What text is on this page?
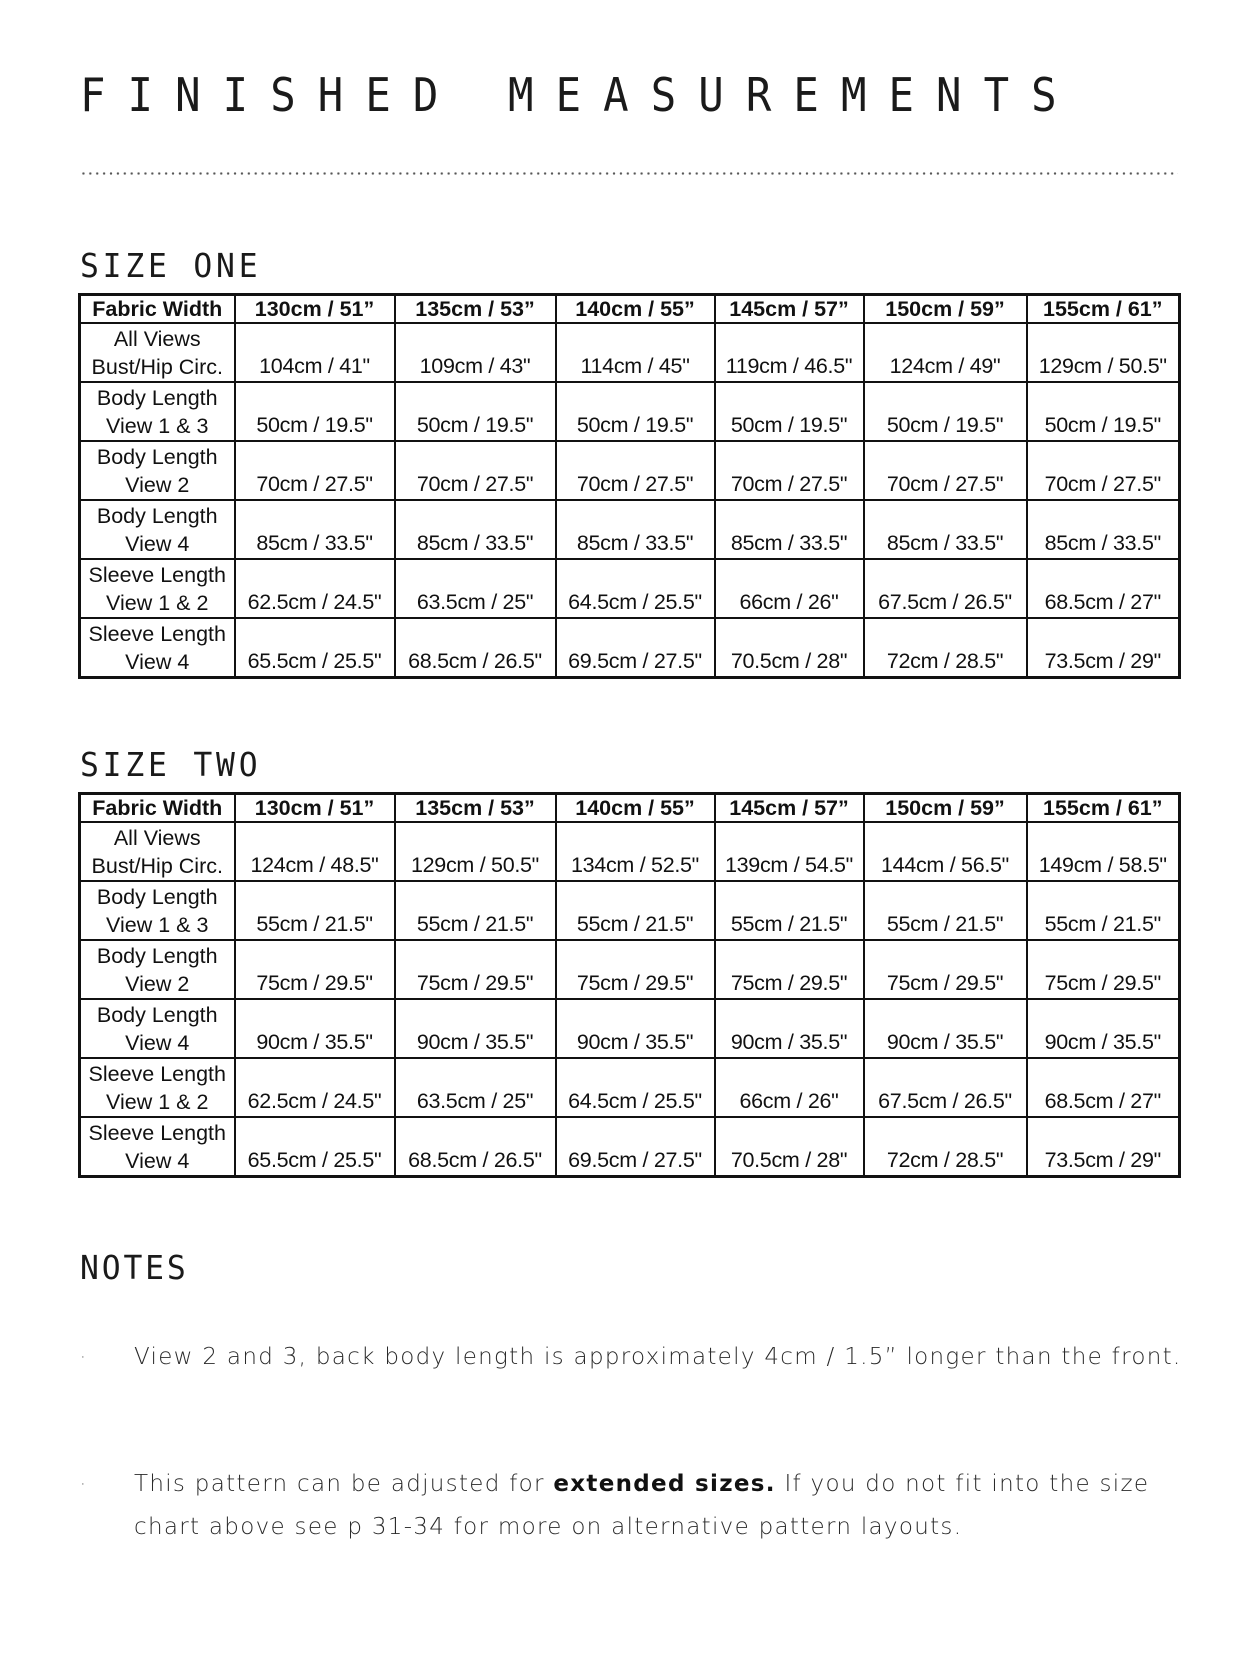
FINISHED MEASUREMENTS
SIZE ONE
Fabric Width	130cm / 51”	135cm / 53”	140cm / 55”	145cm / 57”	150cm / 59”	155cm / 61”

All Views
Bust/Hip Circ.	104cm / 41"	109cm / 43"	114cm / 45"	119cm / 46.5"	124cm / 49"	129cm / 50.5"

Body Length
View 1 & 3	50cm / 19.5"	50cm / 19.5"	50cm / 19.5"	50cm / 19.5"	50cm / 19.5"	50cm / 19.5"

Body Length
View 2	70cm / 27.5"	70cm / 27.5"	70cm / 27.5"	70cm / 27.5"	70cm / 27.5"	70cm / 27.5"

Body Length
View 4	85cm / 33.5"	85cm / 33.5"	85cm / 33.5"	85cm / 33.5"	85cm / 33.5"	85cm / 33.5"

Sleeve Length
View 1 & 2	62.5cm / 24.5"	63.5cm / 25"	64.5cm / 25.5"	66cm / 26"	67.5cm / 26.5"	68.5cm / 27"

Sleeve Length
View 4	65.5cm / 25.5"	68.5cm / 26.5"	69.5cm / 27.5"	70.5cm / 28"	72cm / 28.5"	73.5cm / 29"
SIZE TWO
Fabric Width	130cm / 51”	135cm / 53”	140cm / 55”	145cm / 57”	150cm / 59”	155cm / 61”

All Views
Bust/Hip Circ.	124cm / 48.5"	129cm / 50.5"	134cm / 52.5"	139cm / 54.5"	144cm / 56.5"	149cm / 58.5"

Body Length
View 1 & 3	55cm / 21.5"	55cm / 21.5"	55cm / 21.5"	55cm / 21.5"	55cm / 21.5"	55cm / 21.5"

Body Length
View 2	75cm / 29.5"	75cm / 29.5"	75cm / 29.5"	75cm / 29.5"	75cm / 29.5"	75cm / 29.5"

Body Length
View 4	90cm / 35.5"	90cm / 35.5"	90cm / 35.5"	90cm / 35.5"	90cm / 35.5"	90cm / 35.5"

Sleeve Length
View 1 & 2	62.5cm / 24.5"	63.5cm / 25"	64.5cm / 25.5"	66cm / 26"	67.5cm / 26.5"	68.5cm / 27"

Sleeve Length
View 4	65.5cm / 25.5"	68.5cm / 26.5"	69.5cm / 27.5"	70.5cm / 28"	72cm / 28.5"	73.5cm / 29"
NOTES
· View 2 and 3, back body length is approximately 4cm / 1.5” longer than the front.
· This pattern can be adjusted for extended sizes. If you do not fit into the size chart above see p 31-34 for more on alternative pattern layouts.
